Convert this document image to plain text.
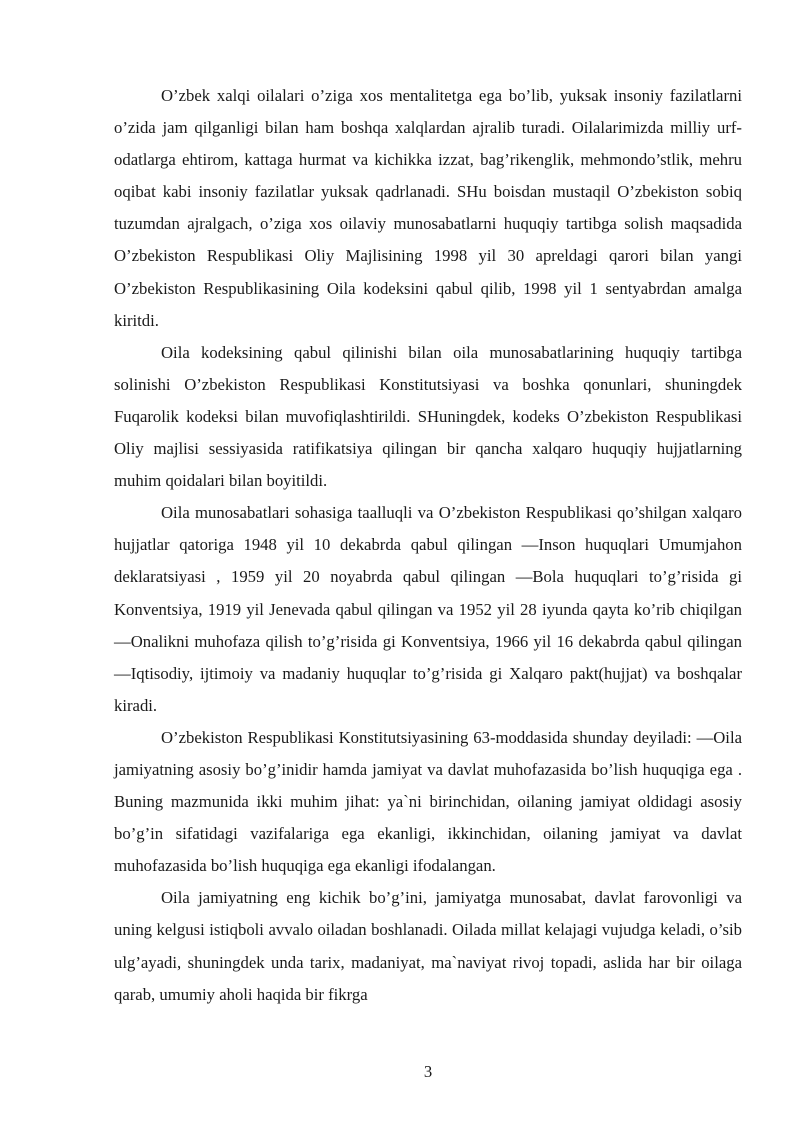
O’zbek xalqi oilalari o’ziga xos mentalitetga ega bo’lib, yuksak insoniy fazilatlarni o’zida jam qilganligi bilan ham boshqa xalqlardan ajralib turadi. Oilalarimizda milliy urf-odatlarga ehtirom, kattaga hurmat va kichikka izzat, bag’rikenglik, mehmondo’stlik, mehru oqibat kabi insoniy fazilatlar yuksak qadrlanadi. SHu boisdan mustaqil O’zbekiston sobiq tuzumdan ajralgach, o’ziga xos oilaviy munosabatlarni huquqiy tartibga solish maqsadida O’zbekiston Respublikasi Oliy Majlisining 1998 yil 30 apreldagi qarori bilan yangi O’zbekiston Respublikasining Oila kodeksini qabul qilib, 1998 yil 1 sentyabrdan amalga kiritdi.

Oila kodeksining qabul qilinishi bilan oila munosabatlarining huquqiy tartibga solinishi O’zbekiston Respublikasi Konstitutsiyasi va boshka qonunlari, shuningdek Fuqarolik kodeksi bilan muvofiqlashtirildi. SHuningdek, kodeks O’zbekiston Respublikasi Oliy majlisi sessiyasida ratifikatsiya qilingan bir qancha xalqaro huquqiy hujjatlarning muhim qoidalari bilan boyitildi.

Oila munosabatlari sohasiga taalluqli va O’zbekiston Respublikasi qo’shilgan xalqaro hujjatlar qatoriga 1948 yil 10 dekabrda qabul qilingan ―Inson huquqlari Umumjahon deklaratsiyasi , 1959 yil 20 noyabrda qabul qilingan ―Bola huquqlari to’g’risida gi Konventsiya, 1919 yil Jenevada qabul qilingan va 1952 yil 28 iyunda qayta ko’rib chiqilgan ―Onalikni muhofaza qilish to’g’risida gi Konventsiya, 1966 yil 16 dekabrda qabul qilingan ―Iqtisodiy, ijtimoiy va madaniy huquqlar to’g’risida gi Xalqaro pakt(hujjat) va boshqalar kiradi.

O’zbekiston Respublikasi Konstitutsiyasining 63-moddasida shunday deyiladi: ―Oila jamiyatning asosiy bo’g’inidir hamda jamiyat va davlat muhofazasida bo’lish huquqiga ega . Buning mazmunida ikki muhim jihat: ya`ni birinchidan, oilaning jamiyat oldidagi asosiy bo’g’in sifatidagi vazifalariga ega ekanligi, ikkinchidan, oilaning jamiyat va davlat muhofazasida bo’lish huquqiga ega ekanligi ifodalangan.

Oila jamiyatning eng kichik bo’g’ini, jamiyatga munosabat, davlat farovonligi va uning kelgusi istiqboli avvalo oiladan boshlanadi. Oilada millat kelajagi vujudga keladi, o’sib ulg’ayadi, shuningdek unda tarix, madaniyat, ma`naviyat rivoj topadi, aslida har bir oilaga qarab, umumiy aholi haqida bir fikrga

3
